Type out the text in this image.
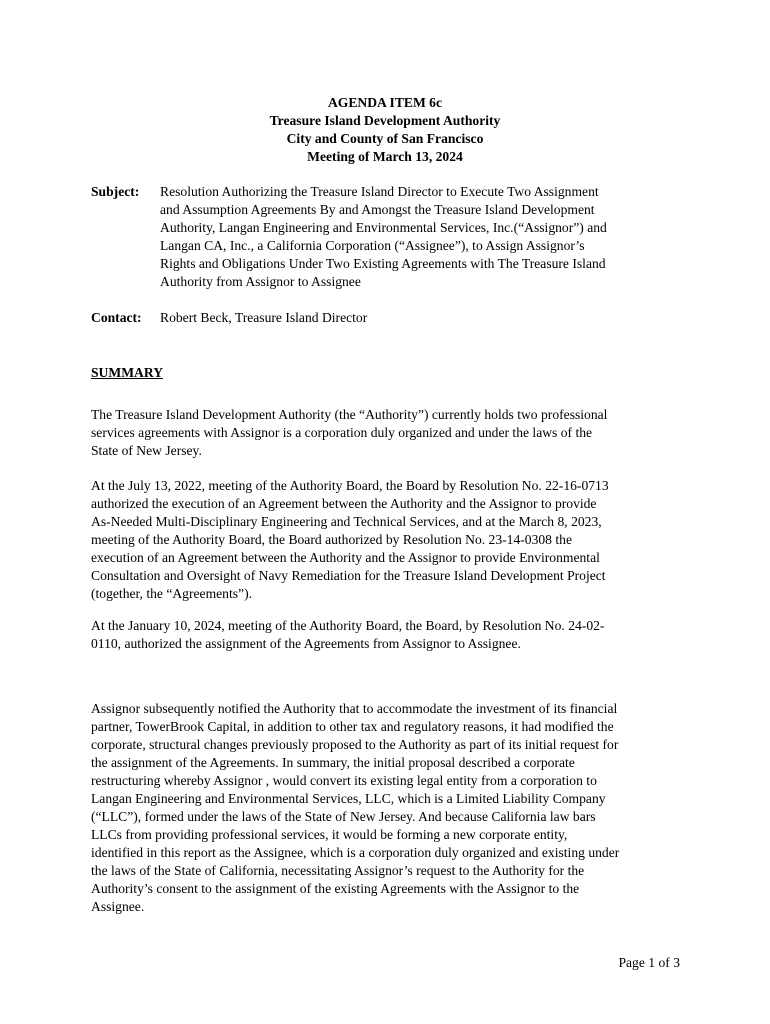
AGENDA ITEM 6c
Treasure Island Development Authority
City and County of San Francisco
Meeting of March 13, 2024
Subject: Resolution Authorizing the Treasure Island Director to Execute Two Assignment
and Assumption Agreements By and Amongst the Treasure Island Development
Authority, Langan Engineering and Environmental Services, Inc.(“Assignor”) and
Langan CA, Inc., a California Corporation (“Assignee”), to Assign Assignor’s
Rights and Obligations Under Two Existing Agreements with The Treasure Island
Authority from Assignor to Assignee
Contact: Robert Beck, Treasure Island Director
SUMMARY
The Treasure Island Development Authority (the “Authority”) currently holds two professional
services agreements with Assignor is a corporation duly organized and under the laws of the
State of New Jersey.
At the July 13, 2022, meeting of the Authority Board, the Board by Resolution No. 22-16-0713
authorized the execution of an Agreement between the Authority and the Assignor to provide
As-Needed Multi-Disciplinary Engineering and Technical Services, and at the March 8, 2023,
meeting of the Authority Board, the Board authorized by Resolution No. 23-14-0308 the
execution of an Agreement between the Authority and the Assignor to provide Environmental
Consultation and Oversight of Navy Remediation for the Treasure Island Development Project
(together, the “Agreements”).
At the January 10, 2024, meeting of the Authority Board, the Board, by Resolution No. 24-02-
0110, authorized the assignment of the Agreements from Assignor to Assignee.
Assignor subsequently notified the Authority that to accommodate the investment of its financial
partner, TowerBrook Capital, in addition to other tax and regulatory reasons, it had modified the
corporate, structural changes previously proposed to the Authority as part of its initial request for
the assignment of the Agreements. In summary, the initial proposal described a corporate
restructuring whereby Assignor , would convert its existing legal entity from a corporation to
Langan Engineering and Environmental Services, LLC, which is a Limited Liability Company
(“LLC”), formed under the laws of the State of New Jersey. And because California law bars
LLCs from providing professional services, it would be forming a new corporate entity,
identified in this report as the Assignee, which is a corporation duly organized and existing under
the laws of the State of California, necessitating Assignor’s request to the Authority for the
Authority’s consent to the assignment of the existing Agreements with the Assignor to the
Assignee.
Page 1 of 3
